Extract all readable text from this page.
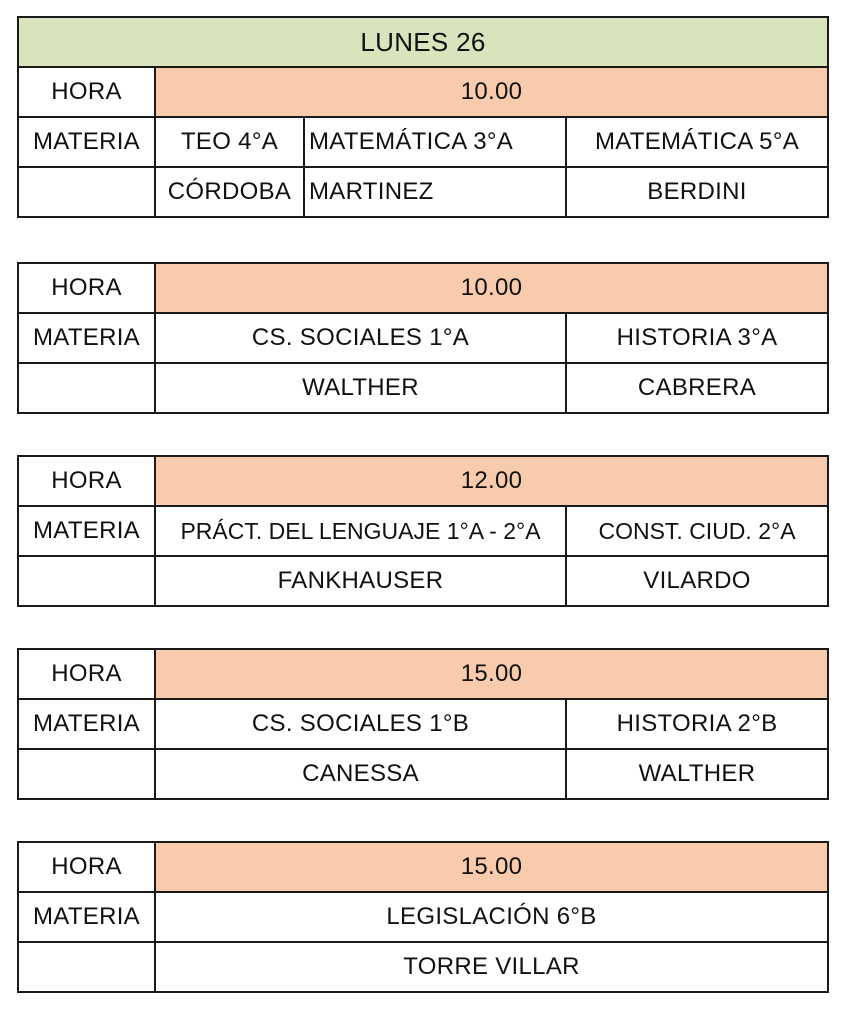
LUNES 26			
HORA	10.00		
MATERIA	TEO 4°A	MATEMÁTICA 3°A	MATEMÁTICA 5°A
	CÓRDOBA	MARTINEZ	BERDINI
HORA	10.00	
MATERIA	CS. SOCIALES 1°A	HISTORIA 3°A
	WALTHER	CABRERA
HORA	12.00	
MATERIA	PRÁCT. DEL LENGUAJE 1°A - 2°A	CONST. CIUD. 2°A
	FANKHAUSER	VILARDO
HORA	15.00	
MATERIA	CS. SOCIALES 1°B	HISTORIA 2°B
	CANESSA	WALTHER
HORA	15.00
MATERIA	LEGISLACIÓN 6°B
	TORRE VILLAR
